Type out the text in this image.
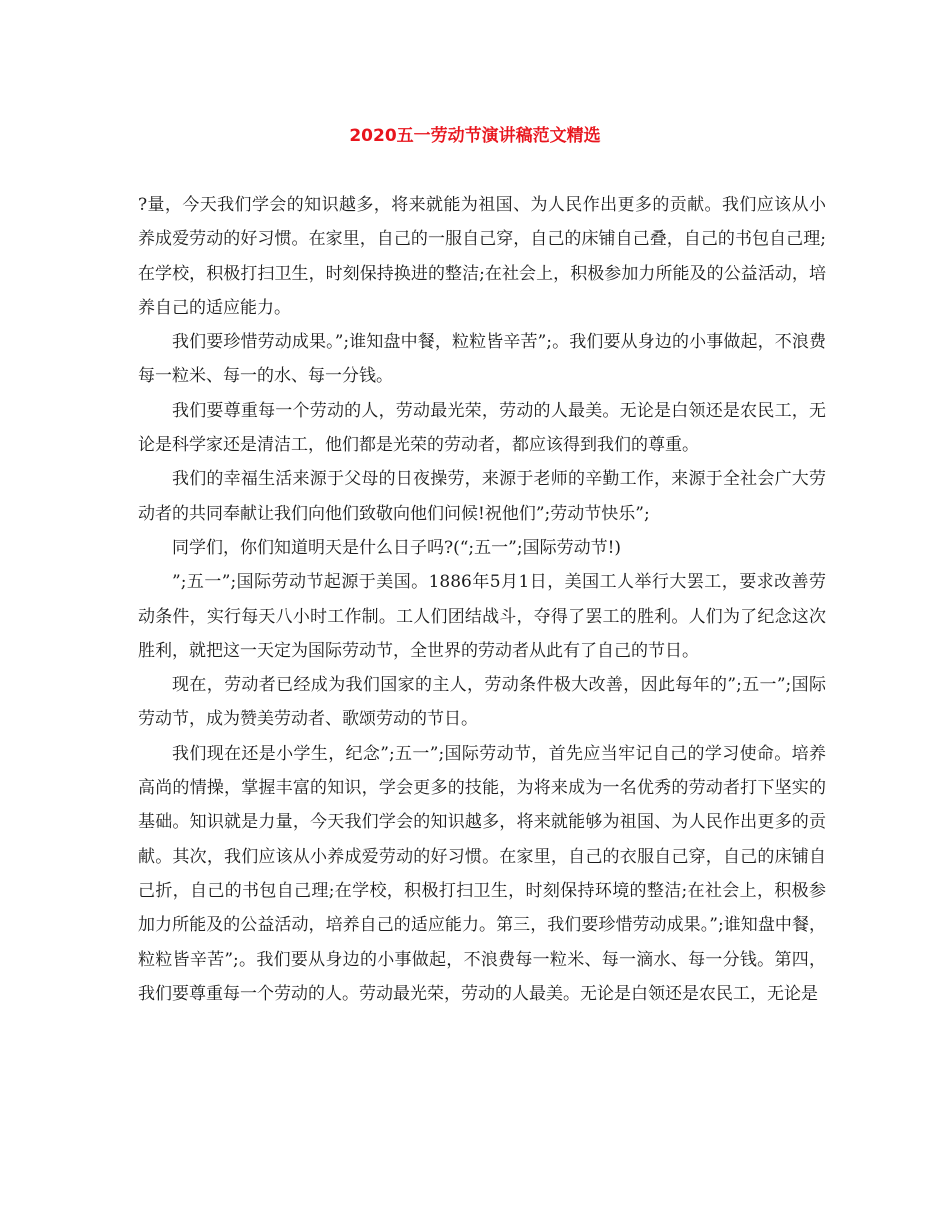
2020五一劳动节演讲稿范文精选

?量，今天我们学会的知识越多，将来就能为祖国、为人民作出更多的贡献。我们应该从小养成爱劳动的好习惯。在家里，自己的一服自己穿，自己的床铺自己叠，自己的书包自己理;在学校，积极打扫卫生，时刻保持换进的整洁;在社会上，积极参加力所能及的公益活动，培养自己的适应能力。

我们要珍惜劳动成果。”;谁知盘中餐，粒粒皆辛苦”;。我们要从身边的小事做起，不浪费每一粒米、每一的水、每一分钱。

我们要尊重每一个劳动的人，劳动最光荣，劳动的人最美。无论是白领还是农民工，无论是科学家还是清洁工，他们都是光荣的劳动者，都应该得到我们的尊重。

我们的幸福生活来源于父母的日夜操劳，来源于老师的辛勤工作，来源于全社会广大劳动者的共同奉献让我们向他们致敬向他们问候!祝他们”;劳动节快乐”;

同学们，你们知道明天是什么日子吗?(“;五一”;国际劳动节!)

”;五一”;国际劳动节起源于美国。1886年5月1日，美国工人举行大罢工，要求改善劳动条件，实行每天八小时工作制。工人们团结战斗，夺得了罢工的胜利。人们为了纪念这次胜利，就把这一天定为国际劳动节，全世界的劳动者从此有了自己的节日。

现在，劳动者已经成为我们国家的主人，劳动条件极大改善，因此每年的”;五一”;国际劳动节，成为赞美劳动者、歌颂劳动的节日。

我们现在还是小学生，纪念”;五一”;国际劳动节，首先应当牢记自己的学习使命。培养高尚的情操，掌握丰富的知识，学会更多的技能，为将来成为一名优秀的劳动者打下坚实的基础。知识就是力量，今天我们学会的知识越多，将来就能够为祖国、为人民作出更多的贡献。其次，我们应该从小养成爱劳动的好习惯。在家里，自己的衣服自己穿，自己的床铺自己折，自己的书包自己理;在学校，积极打扫卫生，时刻保持环境的整洁;在社会上，积极参加力所能及的公益活动，培养自己的适应能力。第三，我们要珍惜劳动成果。”;谁知盘中餐，粒粒皆辛苦”;。我们要从身边的小事做起，不浪费每一粒米、每一滴水、每一分钱。第四，我们要尊重每一个劳动的人。劳动最光荣，劳动的人最美。无论是白领还是农民工，无论是
